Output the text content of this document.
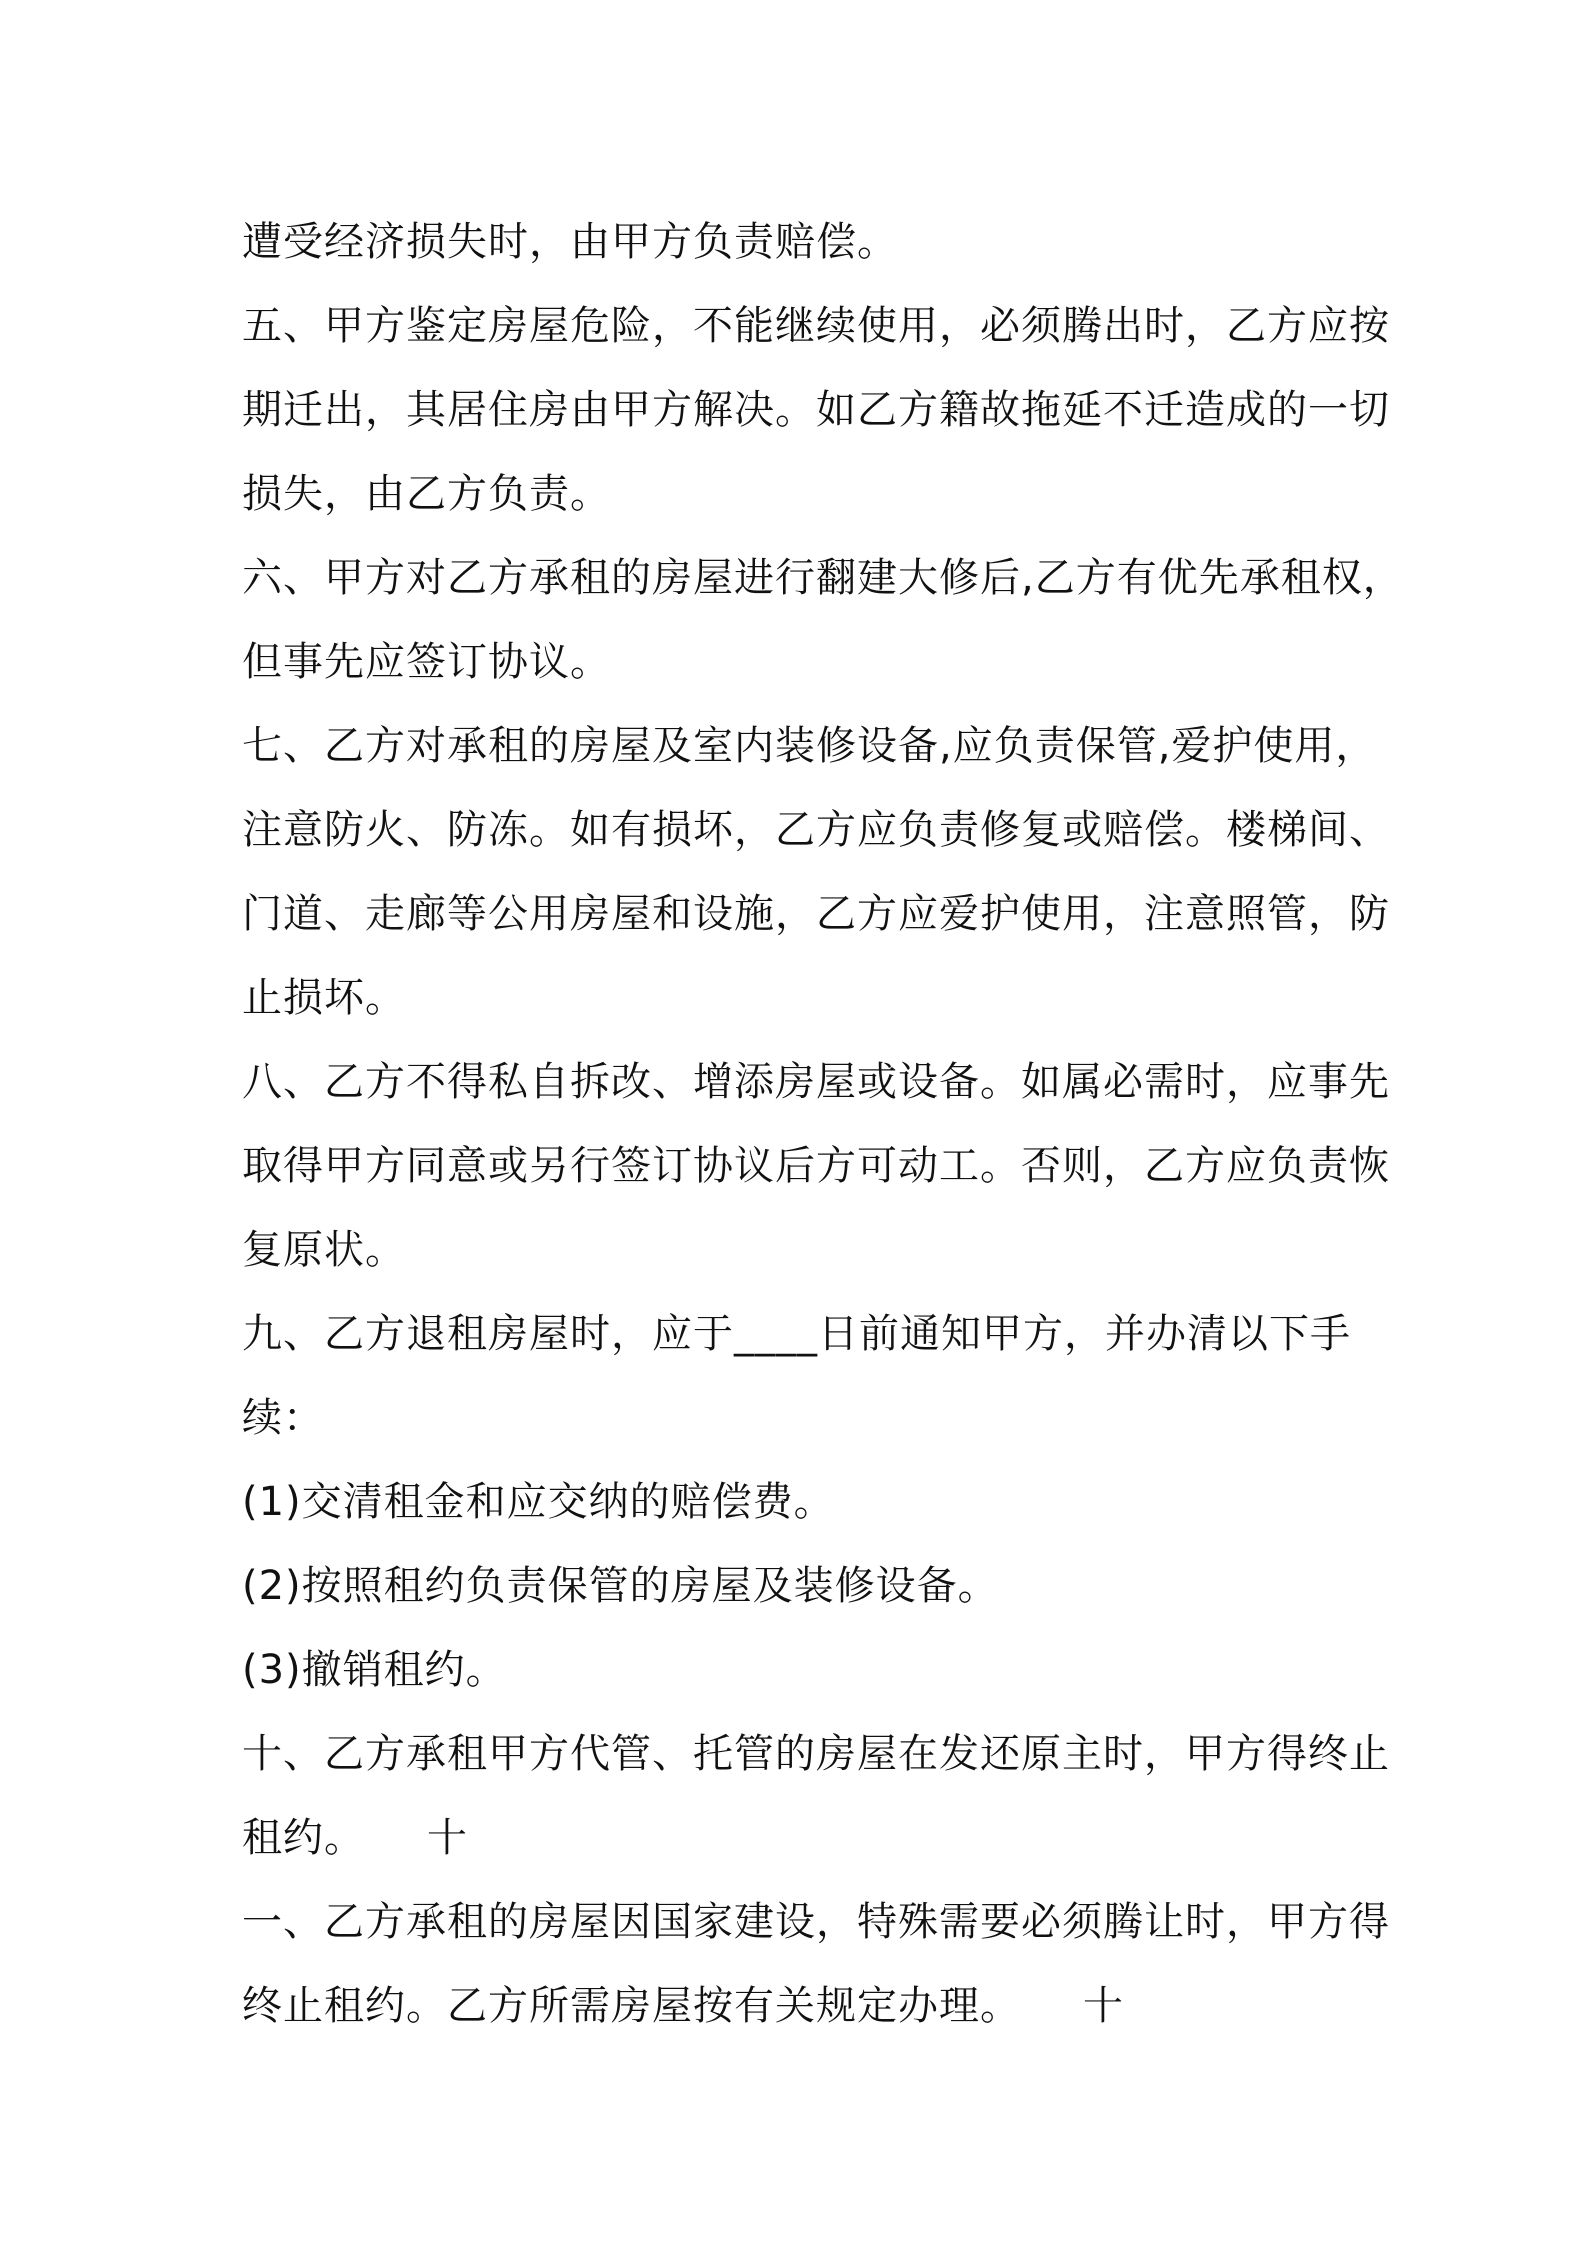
遭受经济损失时，由甲方负责赔偿。
五、甲方鉴定房屋危险，不能继续使用，必须腾出时，乙方应按
期迁出，其居住房由甲方解决。如乙方籍故拖延不迁造成的一切
损失，由乙方负责。
六、甲方对乙方承租的房屋进行翻建大修后,乙方有优先承租权，
但事先应签订协议。
七、乙方对承租的房屋及室内装修设备,应负责保管,爱护使用，
注意防火、防冻。如有损坏，乙方应负责修复或赔偿。楼梯间、
门道、走廊等公用房屋和设施，乙方应爱护使用，注意照管，防
止损坏。
八、乙方不得私自拆改、增添房屋或设备。如属必需时，应事先
取得甲方同意或另行签订协议后方可动工。否则，乙方应负责恢
复原状。
九、乙方退租房屋时，应于____日前通知甲方，并办清以下手
续：
(1)交清租金和应交纳的赔偿费。
(2)按照租约负责保管的房屋及装修设备。
(3)撤销租约。
十、乙方承租甲方代管、托管的房屋在发还原主时，甲方得终止
租约。　　十
一、乙方承租的房屋因国家建设，特殊需要必须腾让时，甲方得
终止租约。乙方所需房屋按有关规定办理。　　十
